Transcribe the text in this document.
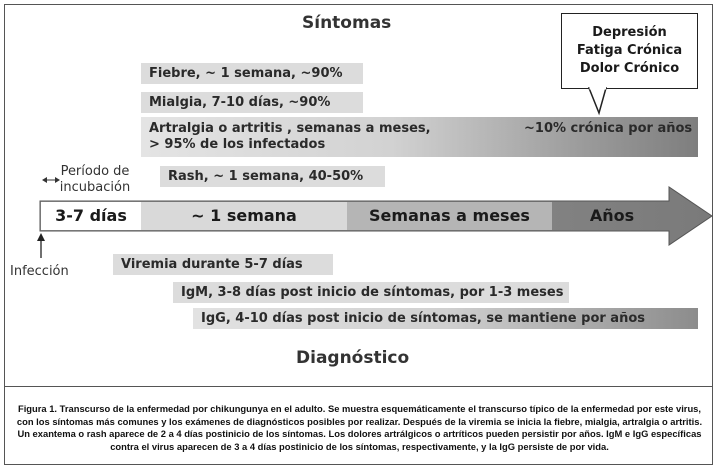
Síntomas	Depresión
Fatiga Crónica
Dolor Crónico
Fiebre, ~ 1 semana, ~90%
Mialgia, 7-10 días, ~90%
Artralgia o artritis , semanas a meses,
> 95% de los infectados
~10% crónica por años
Rash, ~ 1 semana, 40-50%
Período de
incubación
3-7 días	~ 1 semana	Semanas a meses	Años
Infección	Viremia durante 5-7 días
IgM, 3-8 días post inicio de síntomas, por 1-3 meses
IgG, 4-10 días post inicio de síntomas, se mantiene por años
Diagnóstico
Figura 1. Transcurso de la enfermedad por chikungunya en el adulto. Se muestra esquemáticamente el transcurso típico de la enfermedad por este virus, con los síntomas más comunes y los exámenes de diagnósticos posibles por realizar. Después de la viremia se inicia la fiebre, mialgia, artralgia o artritis. Un exantema o rash aparece de 2 a 4 días postinicio de los síntomas. Los dolores artrálgicos o artríticos pueden persistir por años. IgM e IgG específicas contra el virus aparecen de 3 a 4 días postinicio de los síntomas, respectivamente, y la IgG persiste de por vida.
